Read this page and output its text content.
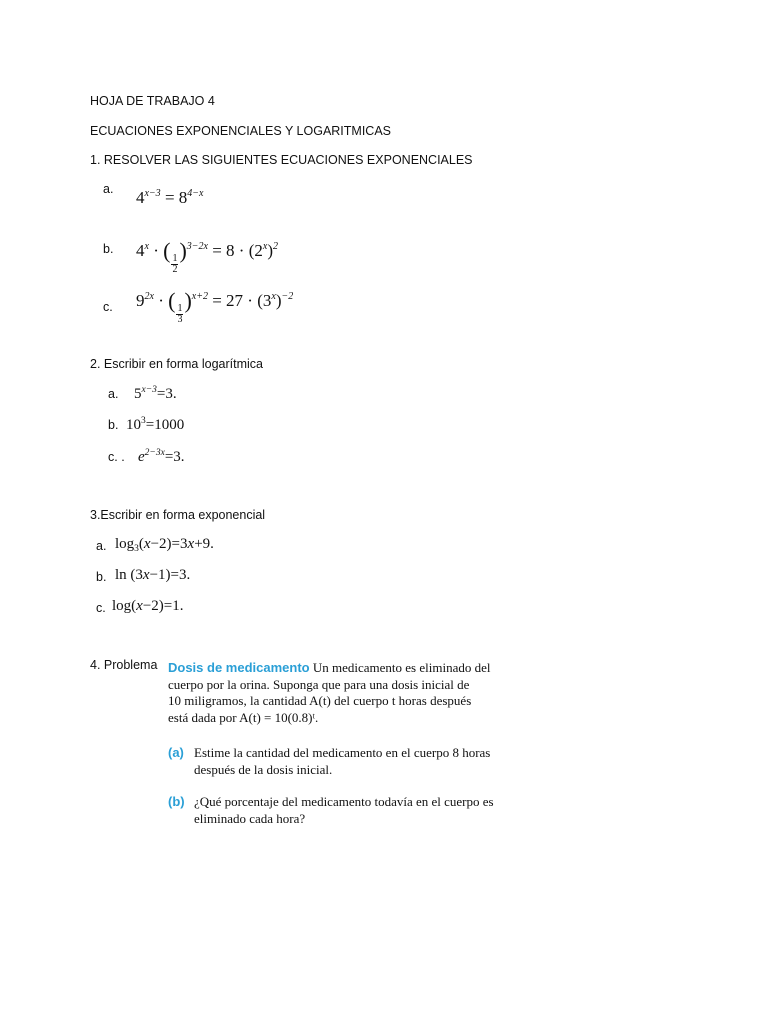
HOJA DE TRABAJO 4
ECUACIONES EXPONENCIALES Y LOGARITMICAS
1. RESOLVER LAS SIGUIENTES ECUACIONES EXPONENCIALES
a. $4^{x-3} = 8^{4-x}$
b. $4^x$ · (
$\frac{1}{2}$
)$^{3-2x} = 8 \cdot (2^x)^2$
c. $9^{2x}$ · (
$\frac{1}{3}$
)$^{x+2} = 27 \cdot (3^x)^{-2}$
2. Escribir en forma logarítmica
a. $5^{x-3}=3$.
b. $10^3=1000$
c. . $e^{2-3x}=3$.
3.Escribir en forma exponencial
a. $\log_3(x-2)=3x+9$.
b. ln (3x−1)=3.
c. log(x−2)=1.
4. Problema Dosis de medicamento Un medicamento es eliminado del

cuerpo por la orina. Suponga que para una dosis inicial de

10 miligramos, la cantidad A(t) del cuerpo t horas después

está dada por A(t) = 10(0.8)ᵗ.

(a) Estime la cantidad del medicamento en el cuerpo 8 horas después de la dosis inicial.
(b) ¿Qué porcentaje del medicamento todavía en el cuerpo es eliminado cada hora?
